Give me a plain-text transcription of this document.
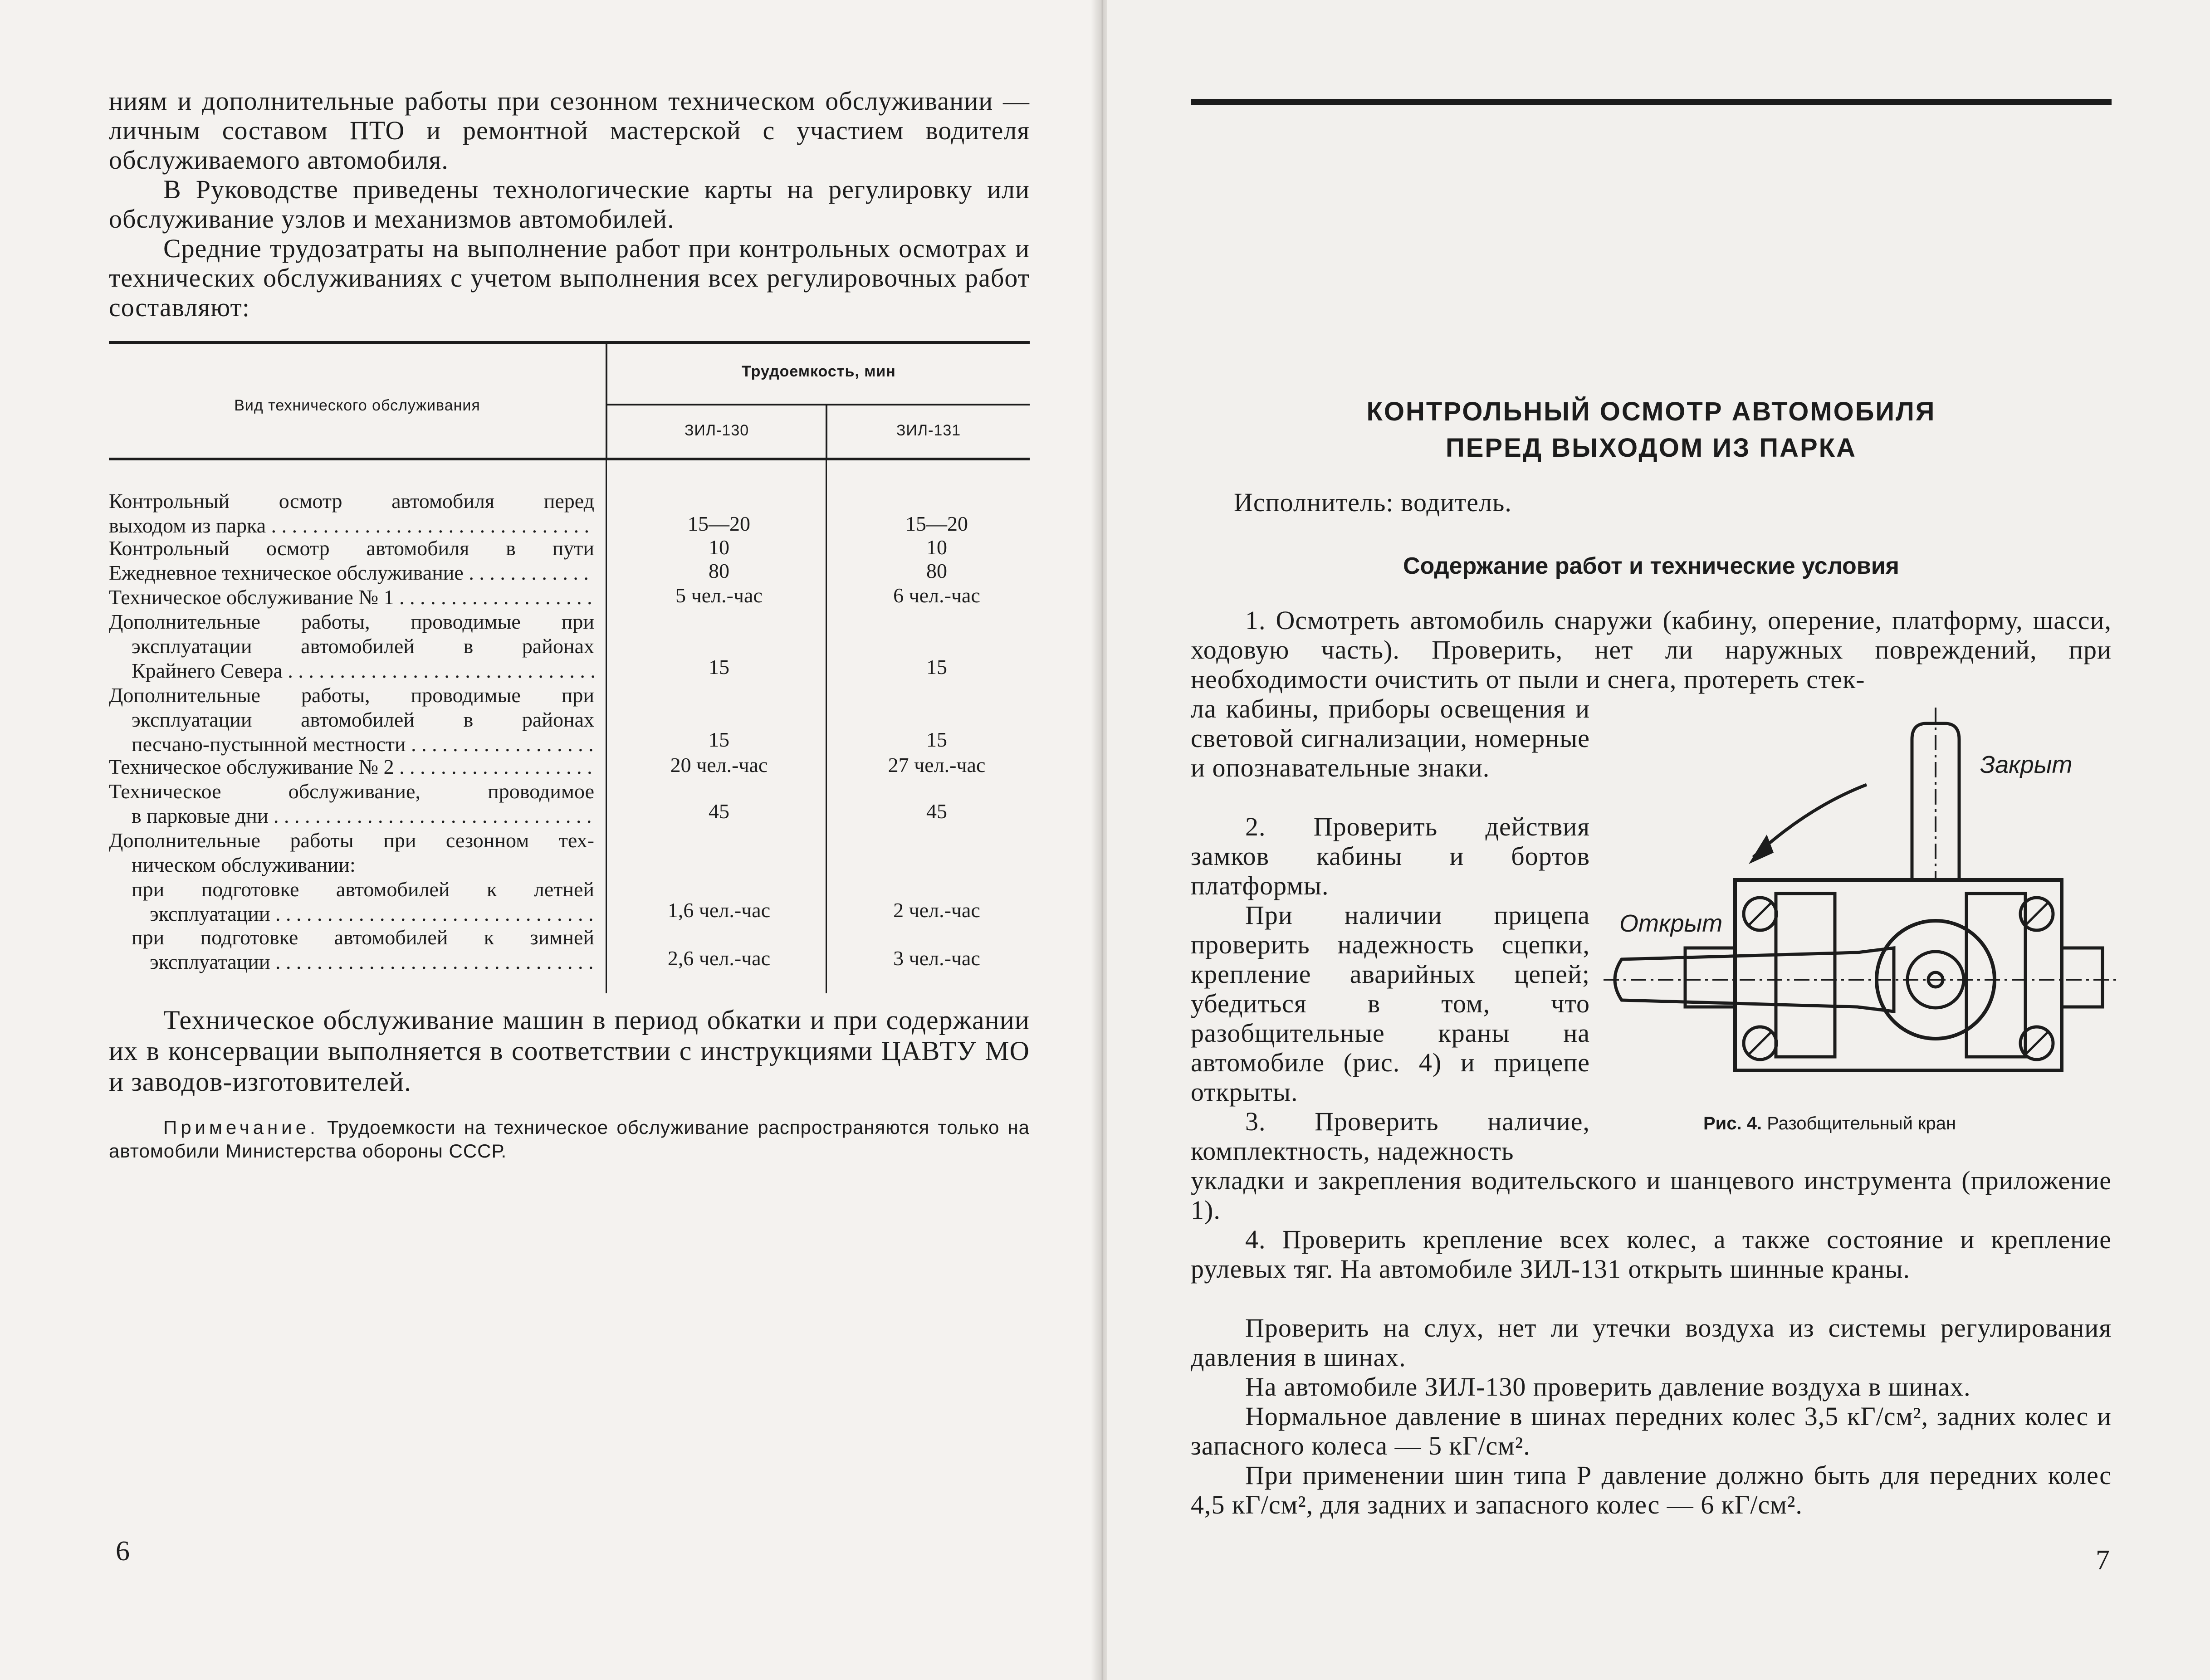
ниям и дополнительные работы при сезонном техническом обслуживании — личным составом ПТО и ремонтной мастерской с участием водителя обслуживаемого автомобиля.

В Руководстве приведены технологические карты на регулировку или обслуживание узлов и механизмов автомобилей.

Средние трудозатраты на выполнение работ при контрольных осмотрах и технических обслуживаниях с учетом выполнения всех регулировочных работ составляют:

Вид технического обслуживания
Трудоемкость, мин
ЗИЛ-130	ЗИЛ-131
Контрольный осмотр автомобиля перед
выходом из парка . . .	15—20	15—20
Контрольный осмотр автомобиля в пути	10	10
Ежедневное техническое обслуживание . . .	80	80
Техническое обслуживание № 1 . . .	5 чел.-час	6 чел.-час
Дополнительные работы, проводимые при
эксплуатации автомобилей в районах
Крайнего Севера . . .	15	15
Дополнительные работы, проводимые при
эксплуатации автомобилей в районах
песчано-пустынной местности . . .	15	15
Техническое обслуживание № 2 . . .	20 чел.-час	27 чел.-час
Техническое обслуживание, проводимое
в парковые дни . . .	45	45
Дополнительные работы при сезонном тех-
ническом обслуживании:
при подготовке автомобилей к летней
эксплуатации . . .	1,6 чел.-час	2 чел.-час
при подготовке автомобилей к зимней
эксплуатации . . .	2,6 чел.-час	3 чел.-час

Техническое обслуживание машин в период обкатки и при содержании их в консервации выполняется в соответствии с инструкциями ЦАВТУ МО и заводов-изготовителей.

Примечание. Трудоемкости на техническое обслуживание распространяются только на автомобили Министерства обороны СССР.
6
КОНТРОЛЬНЫЙ ОСМОТР АВТОМОБИЛЯ
ПЕРЕД ВЫХОДОМ ИЗ ПАРКА

Исполнитель: водитель.

Содержание работ и технические условия

1. Осмотреть автомобиль снаружи (кабину, оперение, платформу, шасси, ходовую часть). Проверить, нет ли наружных повреждений, при необходимости очистить от пыли и снега, протереть стек-

ла кабины, приборы освещения и световой сигнализации, номерные и опознавательные знаки.

2. Проверить действия замков кабины и бортов платформы.

При наличии прицепа проверить надежность сцепки, крепление аварийных цепей; убедиться в том, что разобщительные краны на автомобиле (рис. 4) и прицепе открыты.

3. Проверить наличие, комплектность, надежность

укладки и закрепления водительского и шанцевого инструмента (приложение 1).

4. Проверить крепление всех колес, а также состояние и крепление рулевых тяг. На автомобиле ЗИЛ-131 открыть шинные краны.

Проверить на слух, нет ли утечки воздуха из системы регулирования давления в шинах.

На автомобиле ЗИЛ-130 проверить давление воздуха в шинах.

Нормальное давление в шинах передних колес 3,5 кГ/см², задних колес и запасного колеса — 5 кГ/см².

При применении шин типа Р давление должно быть для передних колес 4,5 кГ/см², для задних и запасного колес — 6 кГ/см².

Закрыт
Открыт
Рис. 4. Разобщительный кран
7
